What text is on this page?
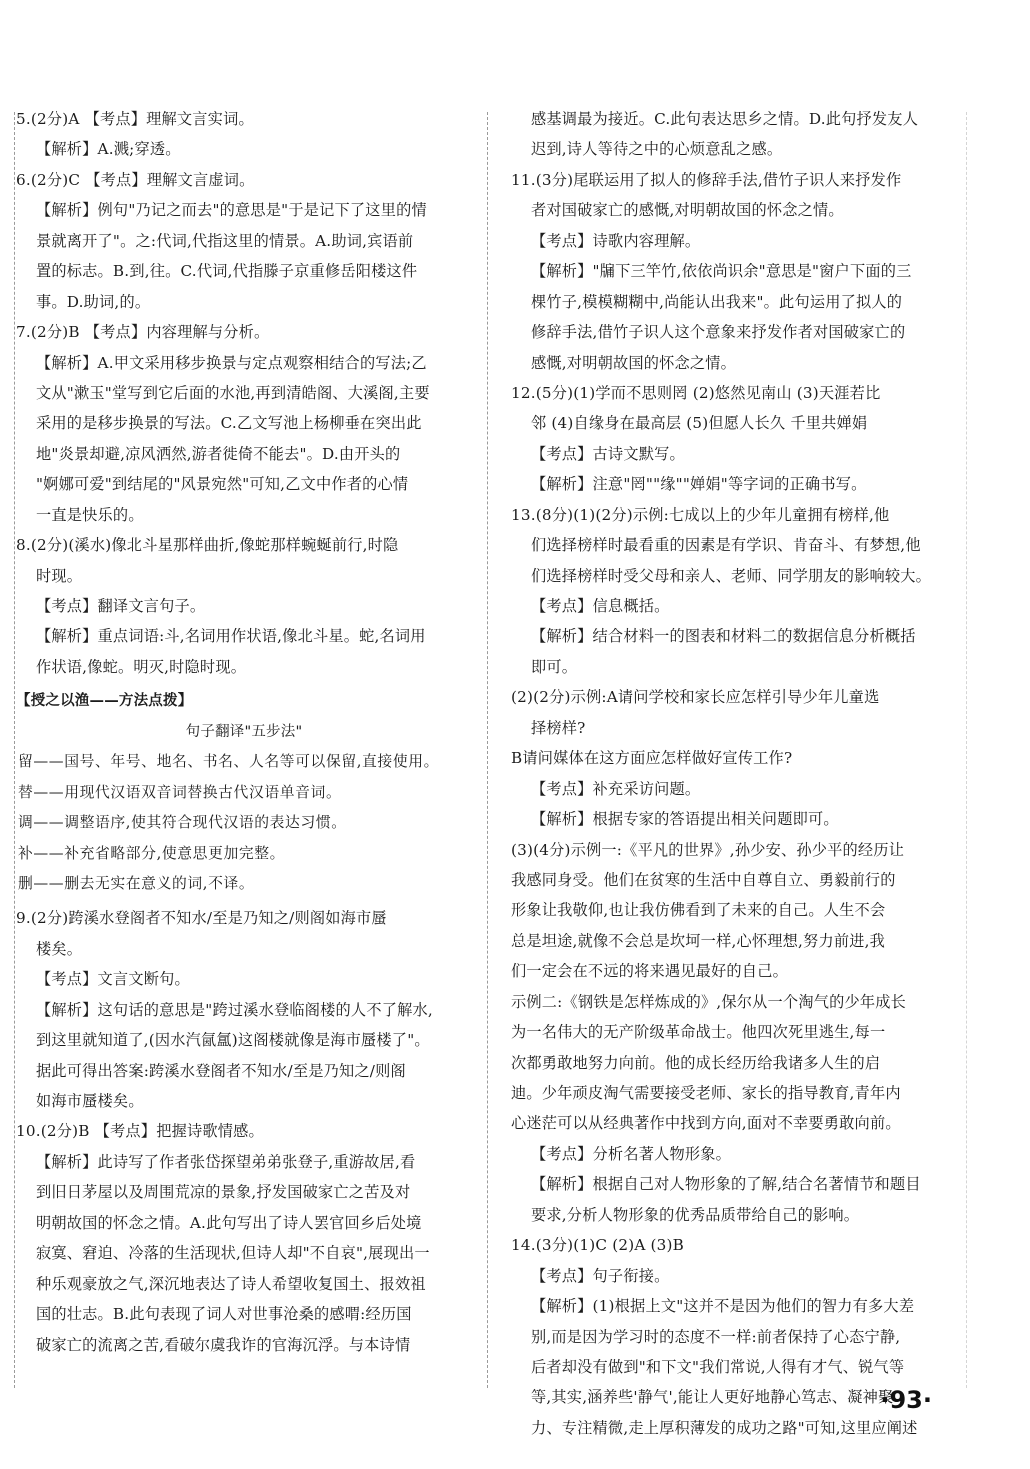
5.(2分)A 【考点】理解文言实词。
【解析】A.溅;穿透。
6.(2分)C 【考点】理解文言虚词。
【解析】例句"乃记之而去"的意思是"于是记下了这里的情
景就离开了"。之:代词,代指这里的情景。A.助词,宾语前
置的标志。B.到,往。C.代词,代指滕子京重修岳阳楼这件
事。D.助词,的。
7.(2分)B 【考点】内容理解与分析。
【解析】A.甲文采用移步换景与定点观察相结合的写法;乙
文从"漱玉"堂写到它后面的水池,再到清皓阁、大溪阁,主要
采用的是移步换景的写法。C.乙文写池上杨柳垂在突出此
地"炎景却避,凉风洒然,游者徙倚不能去"。D.由开头的
"婀娜可爱"到结尾的"风景宛然"可知,乙文中作者的心情
一直是快乐的。
8.(2分)(溪水)像北斗星那样曲折,像蛇那样蜿蜒前行,时隐
时现。
【考点】翻译文言句子。
【解析】重点词语:斗,名词用作状语,像北斗星。蛇,名词用
作状语,像蛇。明灭,时隐时现。
【授之以渔——方法点拨】
句子翻译"五步法"
留——国号、年号、地名、书名、人名等可以保留,直接使用。
替——用现代汉语双音词替换古代汉语单音词。
调——调整语序,使其符合现代汉语的表达习惯。
补——补充省略部分,使意思更加完整。
删——删去无实在意义的词,不译。
9.(2分)跨溪水登阁者不知水/至是乃知之/则阁如海市蜃
楼矣。
【考点】文言文断句。
【解析】这句话的意思是"跨过溪水登临阁楼的人不了解水,
到这里就知道了,(因水汽氤氲)这阁楼就像是海市蜃楼了"。
据此可得出答案:跨溪水登阁者不知水/至是乃知之/则阁
如海市蜃楼矣。
10.(2分)B 【考点】把握诗歌情感。
【解析】此诗写了作者张岱探望弟弟张登子,重游故居,看
到旧日茅屋以及周围荒凉的景象,抒发国破家亡之苦及对
明朝故国的怀念之情。A.此句写出了诗人罢官回乡后处境
寂寞、窘迫、冷落的生活现状,但诗人却"不自哀",展现出一
种乐观豪放之气,深沉地表达了诗人希望收复国土、报效祖
国的壮志。B.此句表现了词人对世事沧桑的感喟:经历国
破家亡的流离之苦,看破尔虞我诈的官海沉浮。与本诗情
感基调最为接近。C.此句表达思乡之情。D.此句抒发友人
迟到,诗人等待之中的心烦意乱之感。
11.(3分)尾联运用了拟人的修辞手法,借竹子识人来抒发作
者对国破家亡的感慨,对明朝故国的怀念之情。
【考点】诗歌内容理解。
【解析】"牖下三竿竹,依依尚识余"意思是"窗户下面的三
棵竹子,模模糊糊中,尚能认出我来"。此句运用了拟人的
修辞手法,借竹子识人这个意象来抒发作者对国破家亡的
感慨,对明朝故国的怀念之情。
12.(5分)(1)学而不思则罔 (2)悠然见南山 (3)天涯若比
邻 (4)自缘身在最高层 (5)但愿人长久 千里共婵娟
【考点】古诗文默写。
【解析】注意"罔""缘""婵娟"等字词的正确书写。
13.(8分)(1)(2分)示例:七成以上的少年儿童拥有榜样,他
们选择榜样时最看重的因素是有学识、肯奋斗、有梦想,他
们选择榜样时受父母和亲人、老师、同学朋友的影响较大。
【考点】信息概括。
【解析】结合材料一的图表和材料二的数据信息分析概括
即可。
(2)(2分)示例:A请问学校和家长应怎样引导少年儿童选
择榜样?
B请问媒体在这方面应怎样做好宣传工作?
【考点】补充采访问题。
【解析】根据专家的答语提出相关问题即可。
(3)(4分)示例一:《平凡的世界》,孙少安、孙少平的经历让
我感同身受。他们在贫寒的生活中自尊自立、勇毅前行的
形象让我敬仰,也让我仿佛看到了未来的自己。人生不会
总是坦途,就像不会总是坎坷一样,心怀理想,努力前进,我
们一定会在不远的将来遇见最好的自己。
示例二:《钢铁是怎样炼成的》,保尔从一个淘气的少年成长
为一名伟大的无产阶级革命战士。他四次死里逃生,每一
次都勇敢地努力向前。他的成长经历给我诸多人生的启
迪。少年顽皮淘气需要接受老师、家长的指导教育,青年内
心迷茫可以从经典著作中找到方向,面对不幸要勇敢向前。
【考点】分析名著人物形象。
【解析】根据自己对人物形象的了解,结合名著情节和题目
要求,分析人物形象的优秀品质带给自己的影响。
14.(3分)(1)C (2)A (3)B
【考点】句子衔接。
【解析】(1)根据上文"这并不是因为他们的智力有多大差
别,而是因为学习时的态度不一样:前者保持了心态宁静,
后者却没有做到"和下文"我们常说,人得有才气、锐气等
等,其实,涵养些'静气',能让人更好地静心笃志、凝神聚
力、专注精微,走上厚积薄发的成功之路"可知,这里应阐述
·93·
